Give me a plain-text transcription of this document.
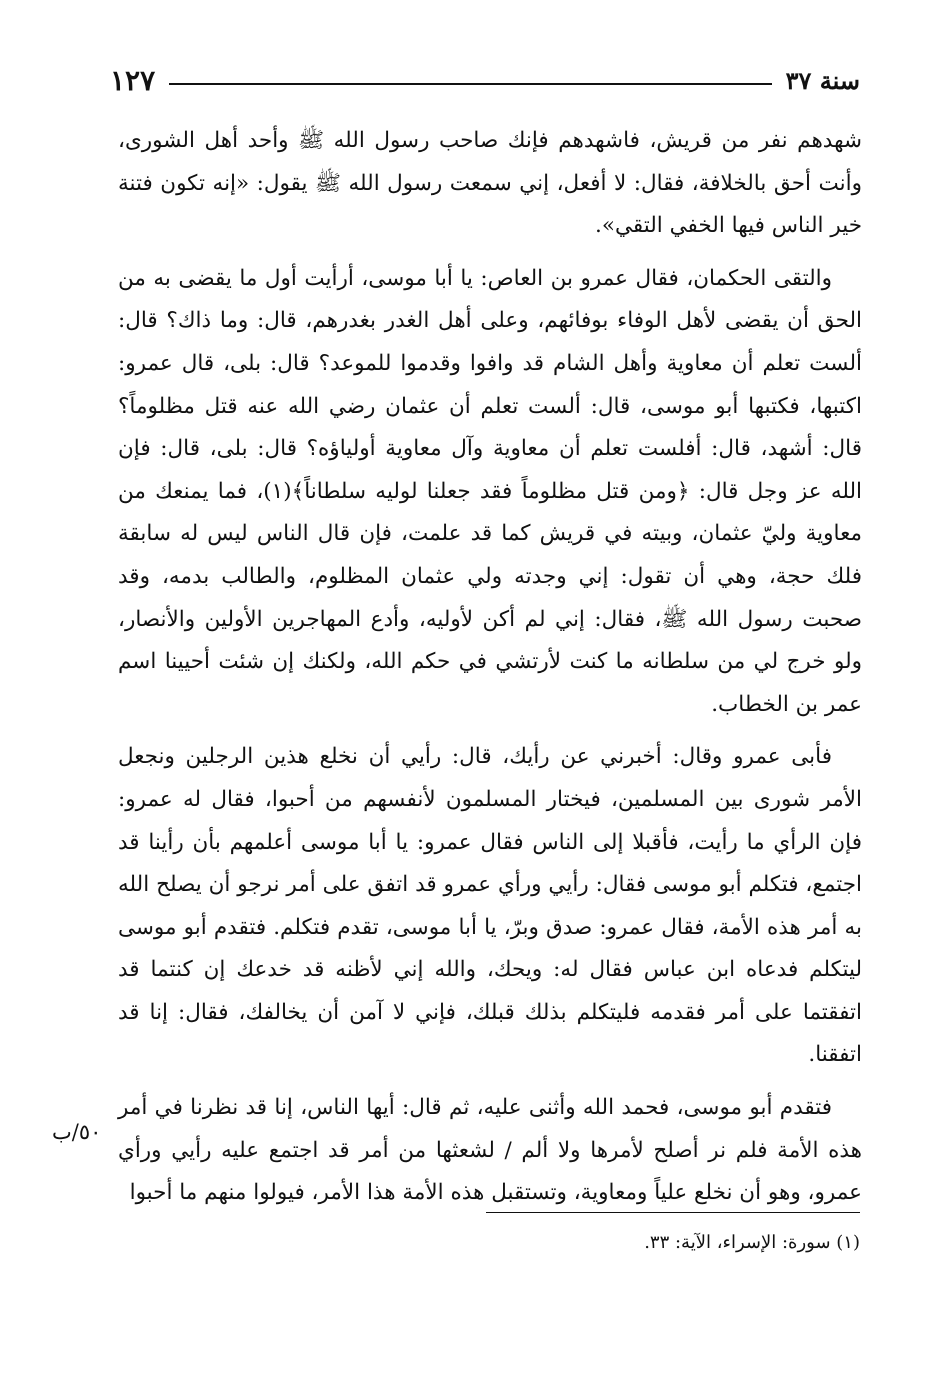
١٢٧	سنة ٣٧

شهدهم نفر من قريش، فاشهدهم فإنك صاحب رسول الله ﷺ وأحد أهل الشورى، وأنت أحق بالخلافة، فقال: لا أفعل، إني سمعت رسول الله ﷺ يقول: «إنه تكون فتنة خير الناس فيها الخفي التقي».

والتقى الحكمان، فقال عمرو بن العاص: يا أبا موسى، أرأيت أول ما يقضى به من الحق أن يقضى لأهل الوفاء بوفائهم، وعلى أهل الغدر بغدرهم، قال: وما ذاك؟ قال: ألست تعلم أن معاوية وأهل الشام قد وافوا وقدموا للموعد؟ قال: بلى، قال عمرو: اكتبها، فكتبها أبو موسى، قال: ألست تعلم أن عثمان رضي الله عنه قتل مظلوماً؟ قال: أشهد، قال: أفلست تعلم أن معاوية وآل معاوية أولياؤه؟ قال: بلى، قال: فإن الله عز وجل قال: ﴿ومن قتل مظلوماً فقد جعلنا لوليه سلطاناً﴾(١)، فما يمنعك من معاوية وليّ عثمان، وبيته في قريش كما قد علمت، فإن قال الناس ليس له سابقة فلك حجة، وهي أن تقول: إني وجدته ولي عثمان المظلوم، والطالب بدمه، وقد صحبت رسول الله ﷺ، فقال: إني لم أكن لأوليه، وأدع المهاجرين الأولين والأنصار، ولو خرج لي من سلطانه ما كنت لأرتشي في حكم الله، ولكنك إن شئت أحيينا اسم عمر بن الخطاب.

فأبى عمرو وقال: أخبرني عن رأيك، قال: رأيي أن نخلع هذين الرجلين ونجعل الأمر شورى بين المسلمين، فيختار المسلمون لأنفسهم من أحبوا، فقال له عمرو: فإن الرأي ما رأيت، فأقبلا إلى الناس فقال عمرو: يا أبا موسى أعلمهم بأن رأينا قد اجتمع، فتكلم أبو موسى فقال: رأيي ورأي عمرو قد اتفق على أمر نرجو أن يصلح الله به أمر هذه الأمة، فقال عمرو: صدق وبرّ، يا أبا موسى، تقدم فتكلم. فتقدم أبو موسى ليتكلم فدعاه ابن عباس فقال له: ويحك، والله إني لأظنه قد خدعك إن كنتما قد اتفقتما على أمر فقدمه فليتكلم بذلك قبلك، فإني لا آمن أن يخالفك، فقال: إنا قد اتفقنا.

فتقدم أبو موسى، فحمد الله وأثنى عليه، ثم قال: أيها الناس، إنا قد نظرنا في أمر هذه الأمة فلم نر أصلح لأمرها ولا ألم / لشعثها من أمر قد اجتمع عليه رأيي ورأي عمرو، وهو أن نخلع علياً ومعاوية، وتستقبل هذه الأمة هذا الأمر، فيولوا منهم ما أحبوا

٥٠/ب
(١) سورة: الإسراء، الآية: ٣٣.
